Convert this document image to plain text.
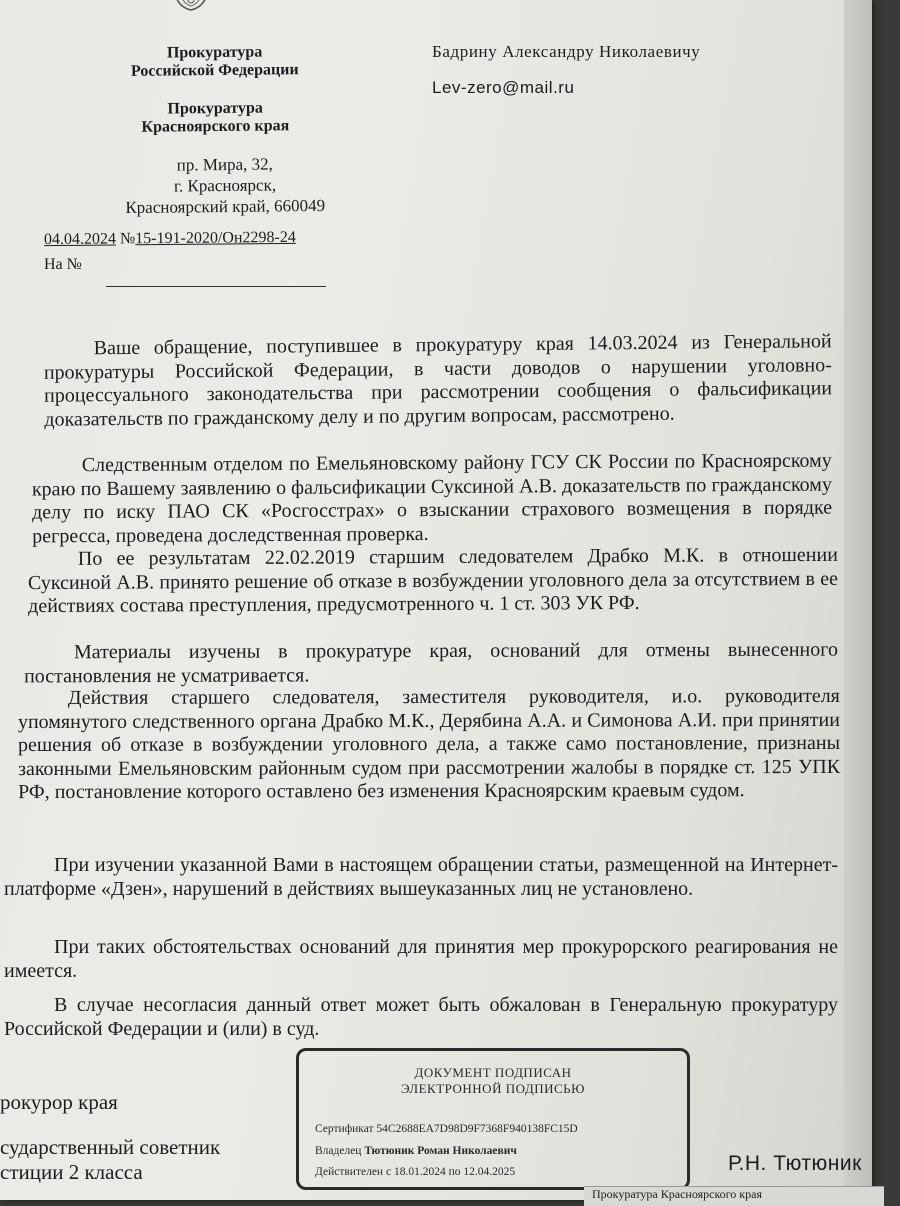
Прокуратура

Российской Федерации

Прокуратура

Красноярского края

пр. Мира, 32,

г. Красноярск,

Красноярский край, 660049

Бадрину Александру Николаевичу
Lev-zero@mail.ru
04.04.2024 №15-191-2020/Он2298-24
На №
Ваше обращение, поступившее в прокуратуру края 14.03.2024 из Генеральной прокуратуры Российской Федерации, в части доводов о нарушении уголовно-процессуального законодательства при рассмотрении сообщения о фальсификации доказательств по гражданскому делу и по другим вопросам, рассмотрено.
Следственным отделом по Емельяновскому району ГСУ СК России по Красноярскому краю по Вашему заявлению о фальсификации Суксиной А.В. доказательств по гражданскому делу по иску ПАО СК «Росгосстрах» о взыскании страхового возмещения в порядке регресса, проведена доследственная проверка.
По ее результатам 22.02.2019 старшим следователем Драбко М.К. в отношении Суксиной А.В. принято решение об отказе в возбуждении уголовного дела за отсутствием в ее действиях состава преступления, предусмотренного ч. 1 ст. 303 УК РФ.
Материалы изучены в прокуратуре края, оснований для отмены вынесенного постановления не усматривается.
Действия старшего следователя, заместителя руководителя, и.о. руководителя упомянутого следственного органа Драбко М.К., Дерябина А.А. и Симонова А.И. при принятии решения об отказе в возбуждении уголовного дела, а также само постановление, признаны законными Емельяновским районным судом при рассмотрении жалобы в порядке ст. 125 УПК РФ, постановление которого оставлено без изменения Красноярским краевым судом.
При изучении указанной Вами в настоящем обращении статьи, размещенной на Интернет-платформе «Дзен», нарушений в действиях вышеуказанных лиц не установлено.
При таких обстоятельствах оснований для принятия мер прокурорского реагирования не имеется.
В случае несогласия данный ответ может быть обжалован в Генеральную прокуратуру Российской Федерации и (или) в суд.
рокурор края
сударственный советник
стиции 2 класса	Р.Н. Тютюник
ДОКУМЕНТ ПОДПИСАН
ЭЛЕКТРОННОЙ ПОДПИСЬЮ
Сертификат 54C2688EA7D98D9F7368F940138FC15D
Владелец Тютюник Роман Николаевич
Действителен с 18.01.2024 по 12.04.2025
Прокуратура Красноярского края
